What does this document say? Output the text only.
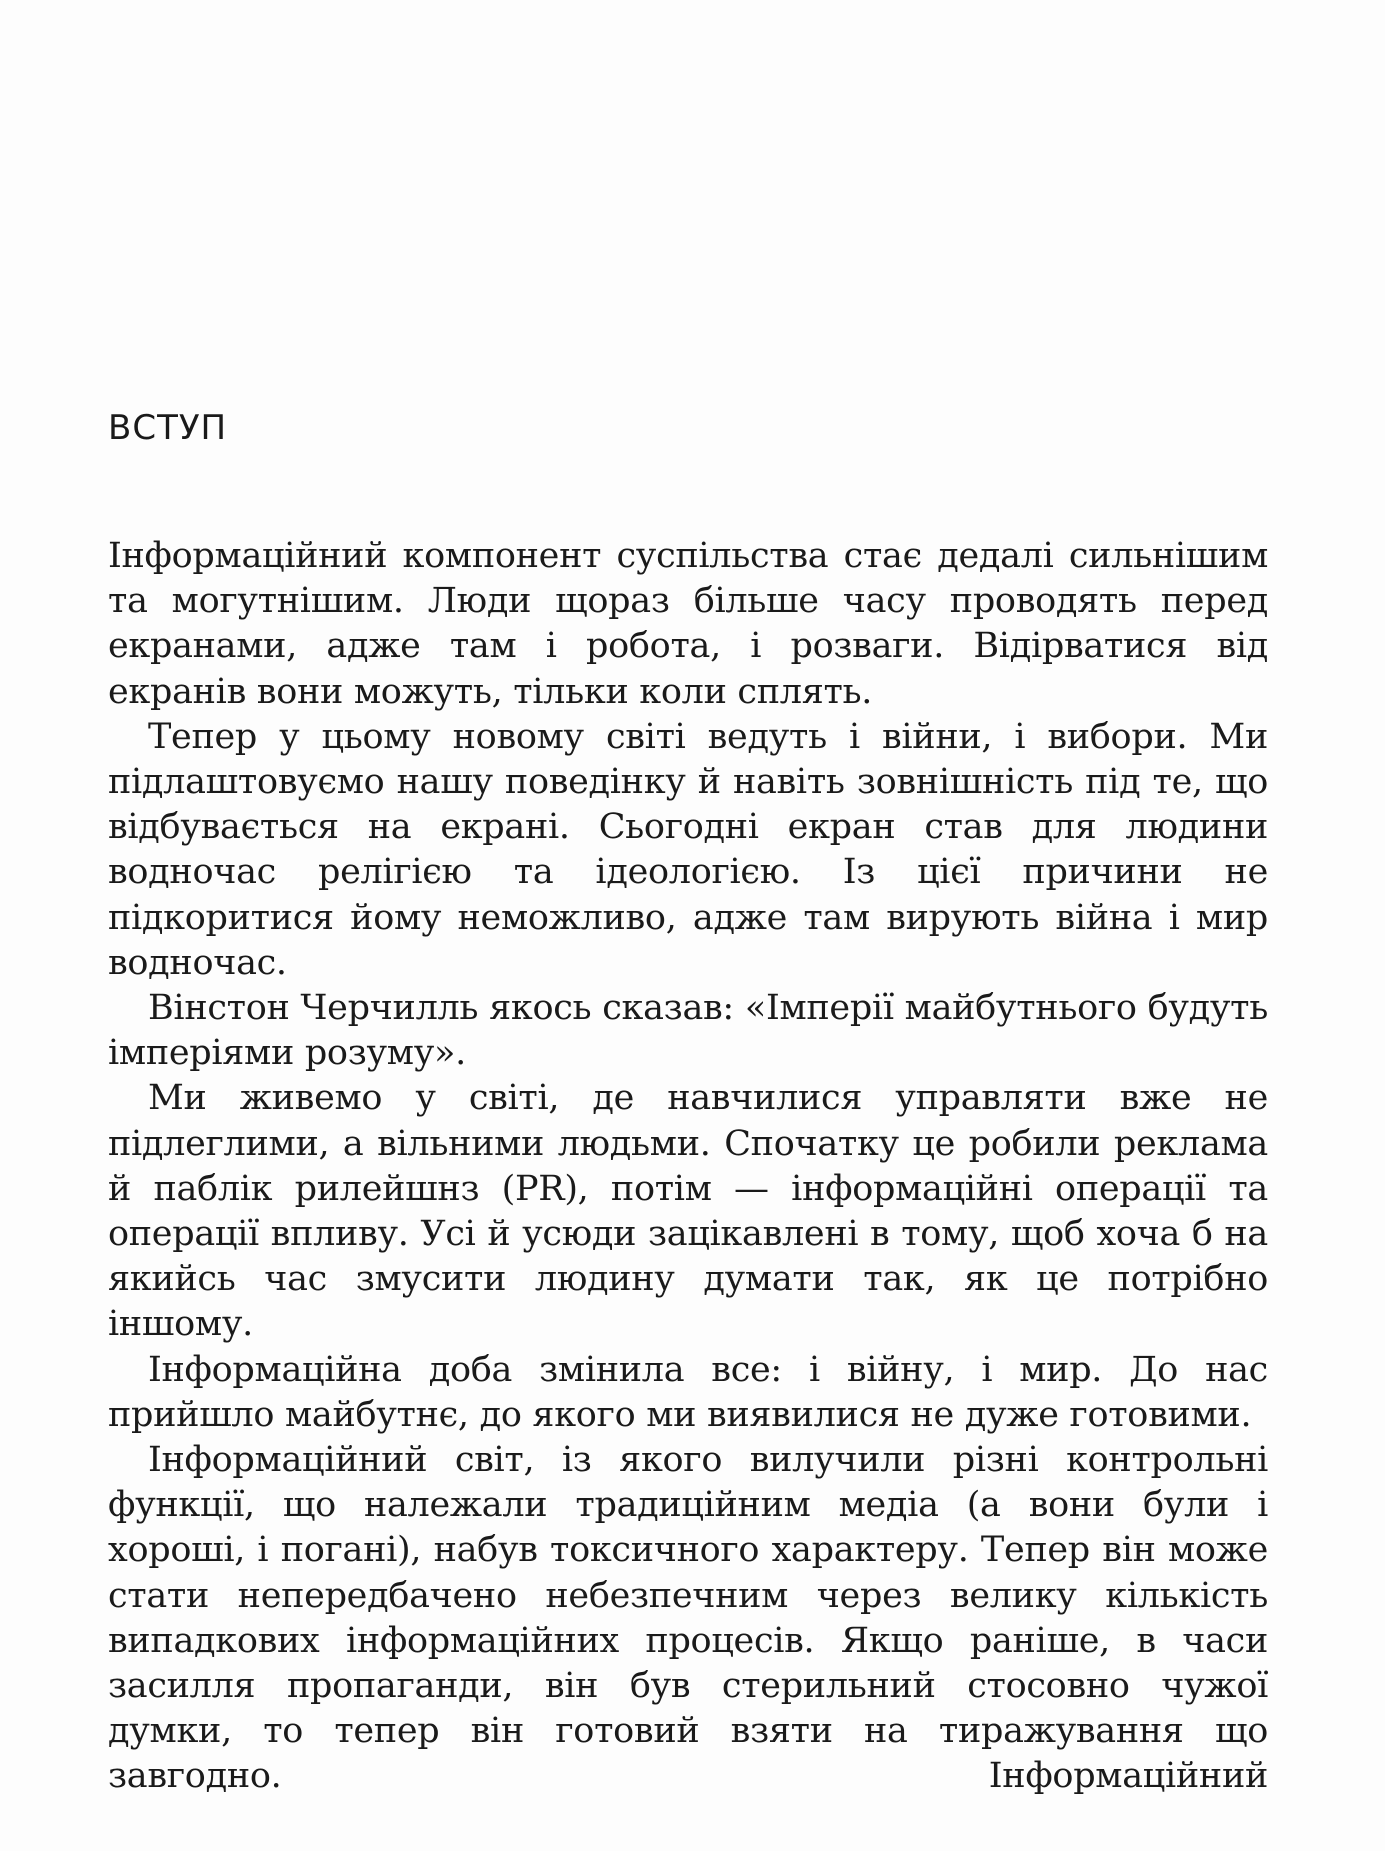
ВСТУП

Інформаційний компонент суспільства стає дедалі сильнішим та могутнішим. Люди щораз більше часу проводять перед екранами, адже там і робота, і розваги. Відірватися від екранів вони можуть, тільки коли сплять.

Тепер у цьому новому світі ведуть і війни, і вибори. Ми підлаштовуємо нашу поведінку й навіть зовнішність під те, що відбувається на екрані. Сьогодні екран став для людини водночас релігією та ідеологією. Із цієї причини не підкоритися йому неможливо, адже там вирують війна і мир водночас.

Вінстон Черчилль якось сказав: «Імперії майбутнього будуть імперіями розуму».

Ми живемо у світі, де навчилися управляти вже не підлеглими, а вільними людьми. Спочатку це робили реклама й паблік рилейшнз (PR), потім — інформаційні операції та операції впливу. Усі й усюди зацікавлені в тому, щоб хоча б на якийсь час змусити людину думати так, як це потрібно іншому.

Інформаційна доба змінила все: і війну, і мир. До нас прийшло майбутнє, до якого ми виявилися не дуже готовими.

Інформаційний світ, із якого вилучили різні контрольні функції, що належали традиційним медіа (а вони були і хороші, і погані), набув токсичного характеру. Тепер він може стати непередбачено небезпечним через велику кількість випадкових інформаційних процесів. Якщо раніше, в часи засилля пропаганди, він був стерильний стосовно чужої думки, то тепер він готовий взяти на тиражування що завгодно. Інформаційний
